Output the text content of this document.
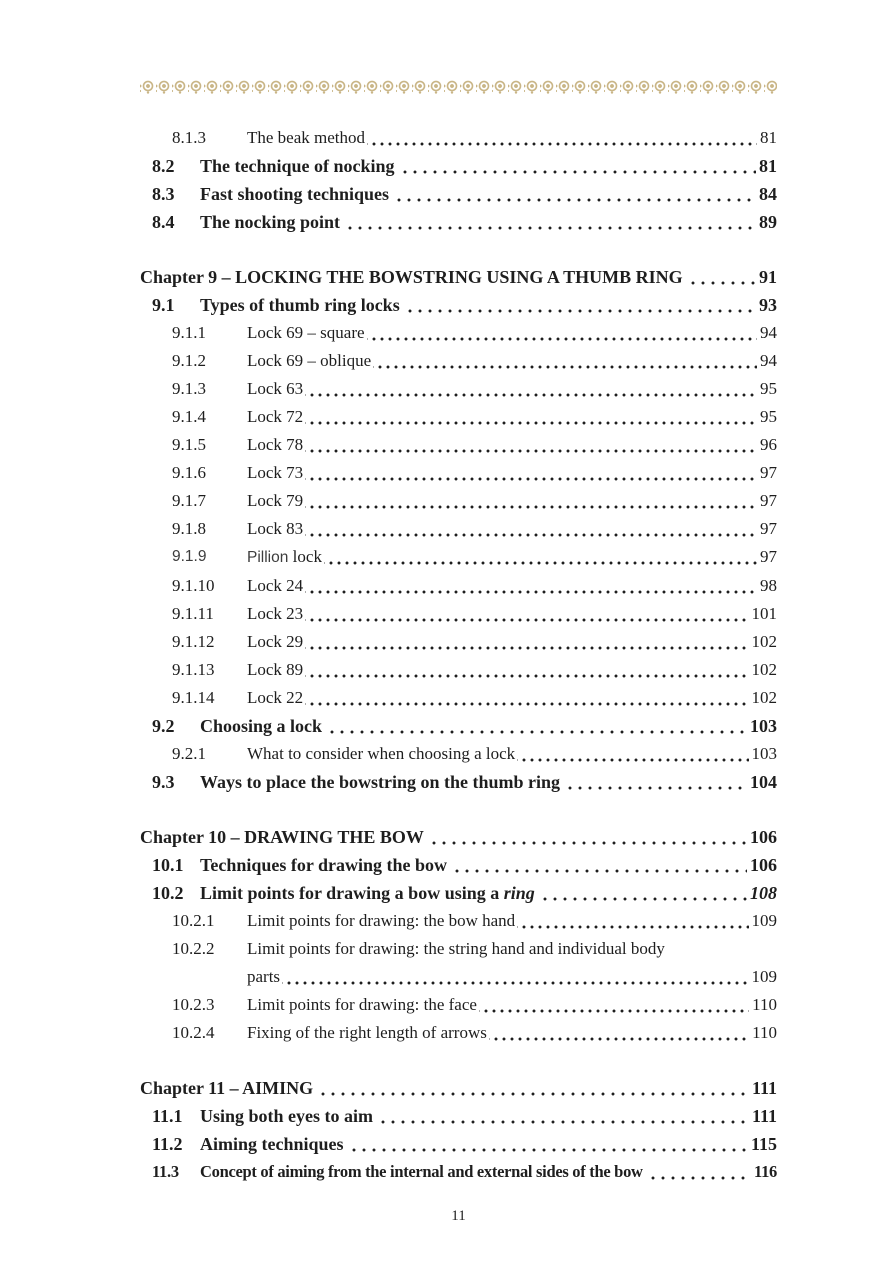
8.1.3	The beak method	81
8.2	The technique of nocking	81
8.3	Fast shooting techniques	84
8.4	The nocking point	89
Chapter 9 – LOCKING THE BOWSTRING USING A THUMB RING	91
9.1	Types of thumb ring locks	93
9.1.1	Lock 69 – square	94
9.1.2	Lock 69 – oblique	94
9.1.3	Lock 63	95
9.1.4	Lock 72	95
9.1.5	Lock 78	96
9.1.6	Lock 73	97
9.1.7	Lock 79	97
9.1.8	Lock 83	97
9.1.9	Pillion lock	97
9.1.10	Lock 24	98
9.1.11	Lock 23	101
9.1.12	Lock 29	102
9.1.13	Lock 89	102
9.1.14	Lock 22	102
9.2	Choosing a lock	103
9.2.1	What to consider when choosing a lock	103
9.3	Ways to place the bowstring on the thumb ring	104
Chapter 10 – DRAWING THE BOW	106
10.1 Techniques for drawing the bow	106
10.2 Limit points for drawing a bow using a ring	108
10.2.1	Limit points for drawing: the bow hand	109
10.2.2	Limit points for drawing: the string hand and individual body
parts	109
10.2.3	Limit points for drawing: the face	110
10.2.4	Fixing of the right length of arrows	110
Chapter 11 – AIMING	111
11.1 Using both eyes to aim	111
11.2 Aiming techniques	115
11.3	Concept of aiming from the internal and external sides of the bow	116
11
